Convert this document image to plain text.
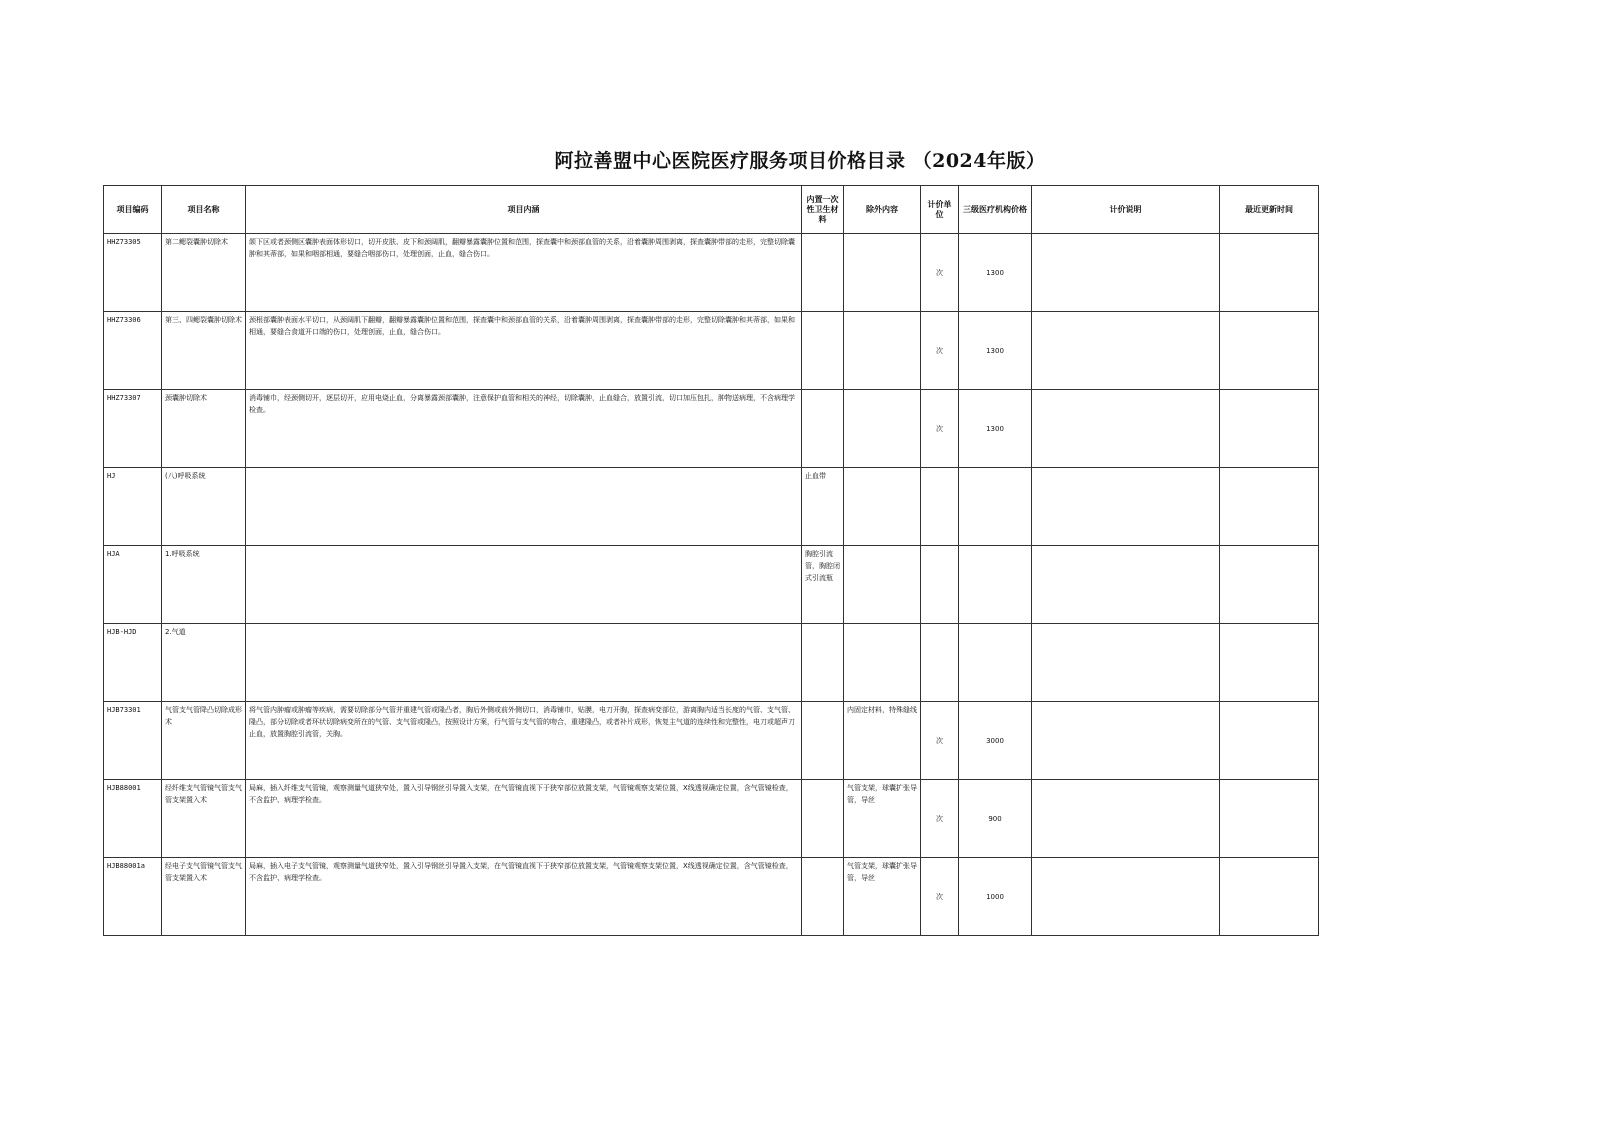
阿拉善盟中心医院医疗服务项目价格目录 （2024年版）
项目编码	项目名称	项目内涵	内置一次性卫生材料	除外内容	计价单位	三级医疗机构价格	计价说明	最近更新时间
HHZ73305	第二鳃裂囊肿切除术	颌下区或者颈侧区囊肿表面体形切口，切开皮肤、皮下和颈阔肌，翻瓣暴露囊肿位置和范围，探查囊中和颈部血管的关系，沿着囊肿周围剥离，探查囊肿带部的走形，完整切除囊肿和其蒂部，如果和咽部相通，要缝合咽部伤口，处理创面，止血，缝合伤口。			次	1300		
HHZ73306	第三、四鳃裂囊肿切除术	颈根部囊肿表面水平切口，从颈阔肌下翻瓣，翻瓣暴露囊肿位置和范围，探查囊中和颈部血管的关系，沿着囊肿周围剥离，探查囊肿带部的走形，完整切除囊肿和其蒂部，如果和相通，要缝合食道开口端的伤口，处理创面，止血，缝合伤口。			次	1300		
HHZ73307	颈囊肿切除术	消毒铺巾，经颈侧切开，逐层切开，应用电烧止血，分离暴露颈部囊肿，注意保护血管和相关的神经，切除囊肿，止血缝合，放置引流，切口加压包扎，肿物送病理，不含病理学检查。			次	1300		
HJ	(八)呼吸系统		止血带					
HJA	1.呼吸系统		胸腔引流管，胸腔闭式引流瓶					
HJB-HJD	2.气道							
HJB73301	气管支气管降凸切除成形术	将气管内肿瘤或肿瘤等疾病，需要切除部分气管并重建气管或隆凸者，胸后外侧或前外侧切口，消毒铺巾，贴膜，电刀开胸，探查病变部位，游离胸内适当长度的气管、支气管、隆凸，部分切除或者环状切除病变所在的气管、支气管或隆凸，按照设计方案，行气管与支气管的吻合，重建隆凸，或者补片成形，恢复主气道的连续性和完整性，电刀或超声刀止血，放置胸腔引流管，关胸。		内固定材料，特殊缝线	次	3000		
HJB88001	经纤维支气管镜气管支气管支架置入术	局麻，插入纤维支气管镜，观察测量气道狭窄处，置入引导钢丝引导置入支架，在气管镜直视下于狭窄部位放置支架，气管镜观察支架位置，X线透视确定位置，含气管镜检查，不含监护、病理学检查。		气管支架，球囊扩张导管，导丝	次	900		
HJB88001a	经电子支气管镜气管支气管支架置入术	局麻，插入电子支气管镜，观察测量气道狭窄处，置入引导钢丝引导置入支架，在气管镜直视下于狭窄部位放置支架，气管镜观察支架位置，X线透视确定位置，含气管镜检查，不含监护、病理学检查。		气管支架，球囊扩张导管，导丝	次	1000		
